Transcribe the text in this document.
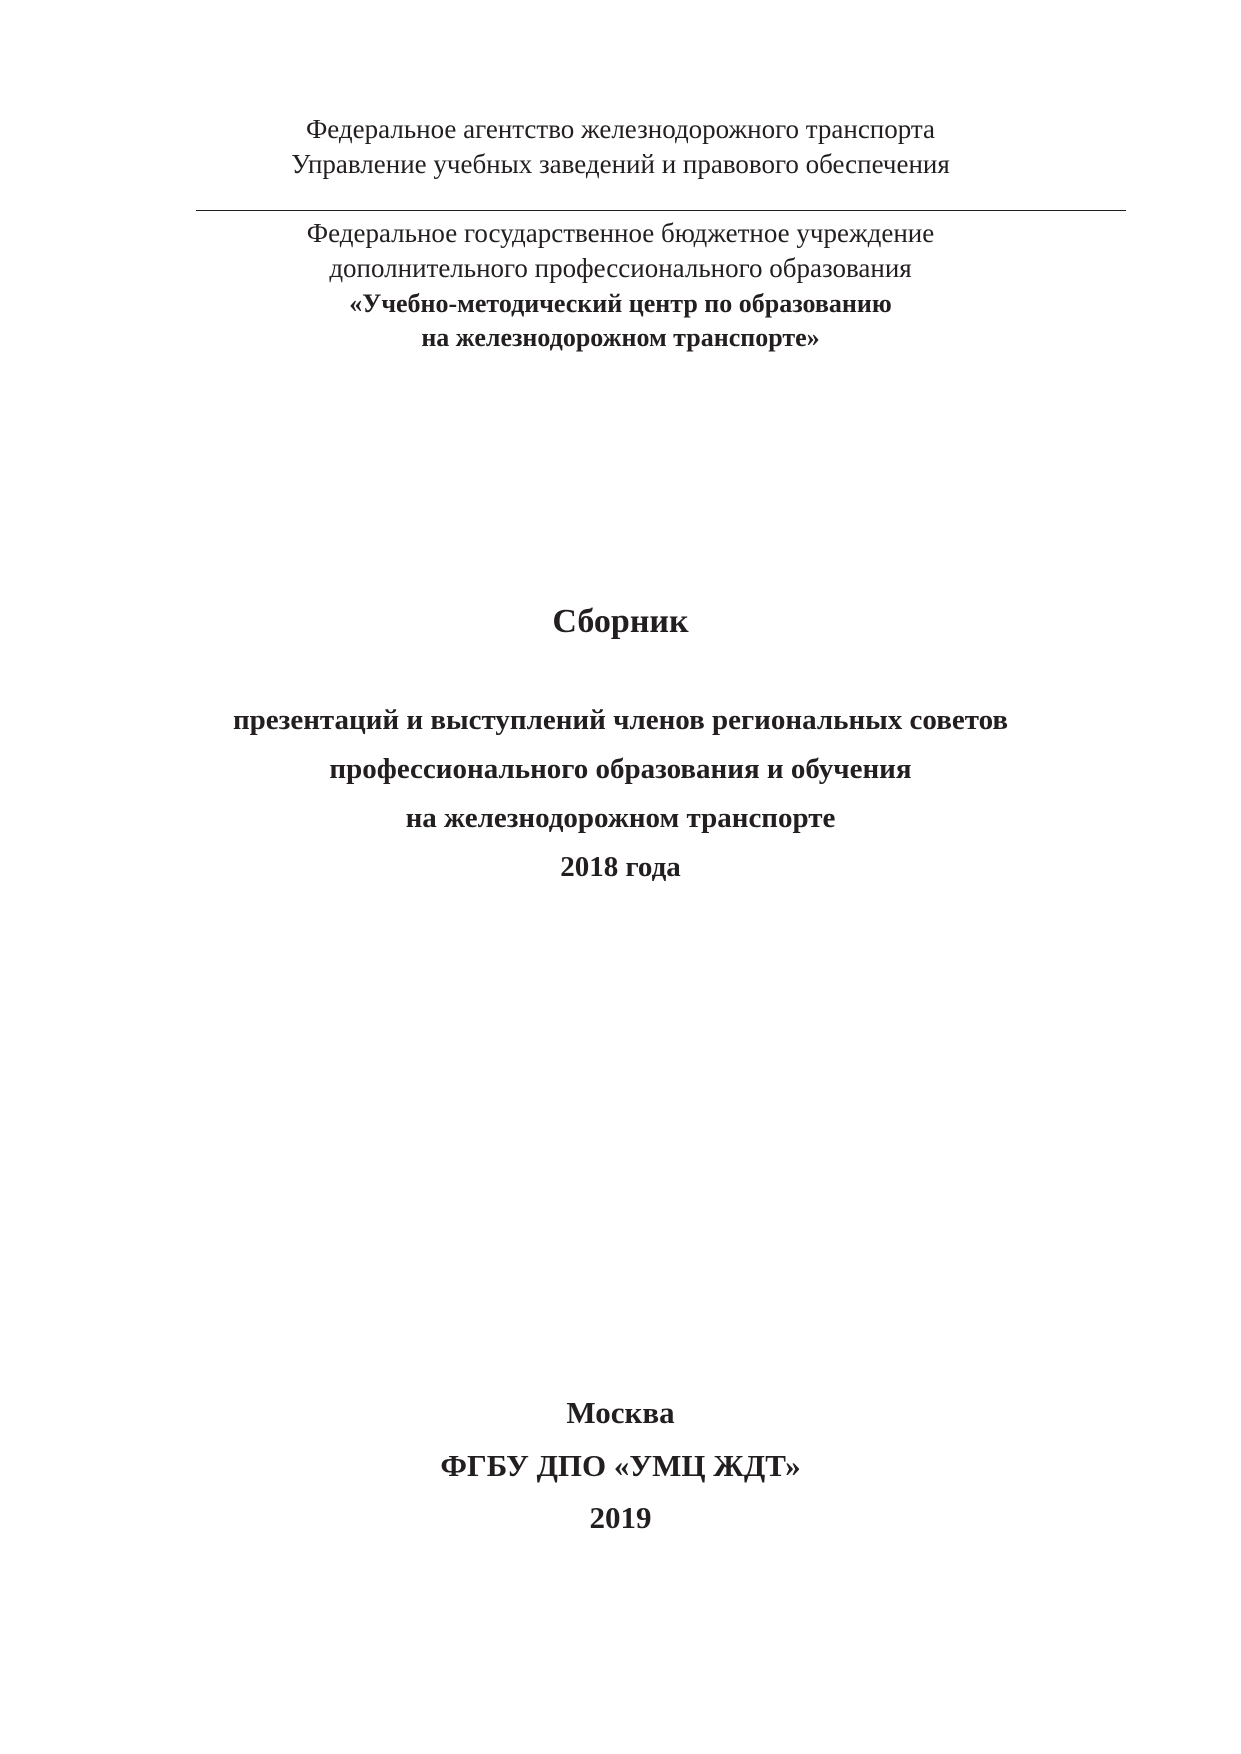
Федеральное агентство железнодорожного транспорта
Управление учебных заведений и правового обеспечения
Федеральное государственное бюджетное учреждение
дополнительного профессионального образования
«Учебно-методический центр по образованию
на железнодорожном транспорте»
Сборник
презентаций и выступлений членов региональных советов
профессионального образования и обучения
на железнодорожном транспорте
2018 года
Москва
ФГБУ ДПО «УМЦ ЖДТ»
2019
